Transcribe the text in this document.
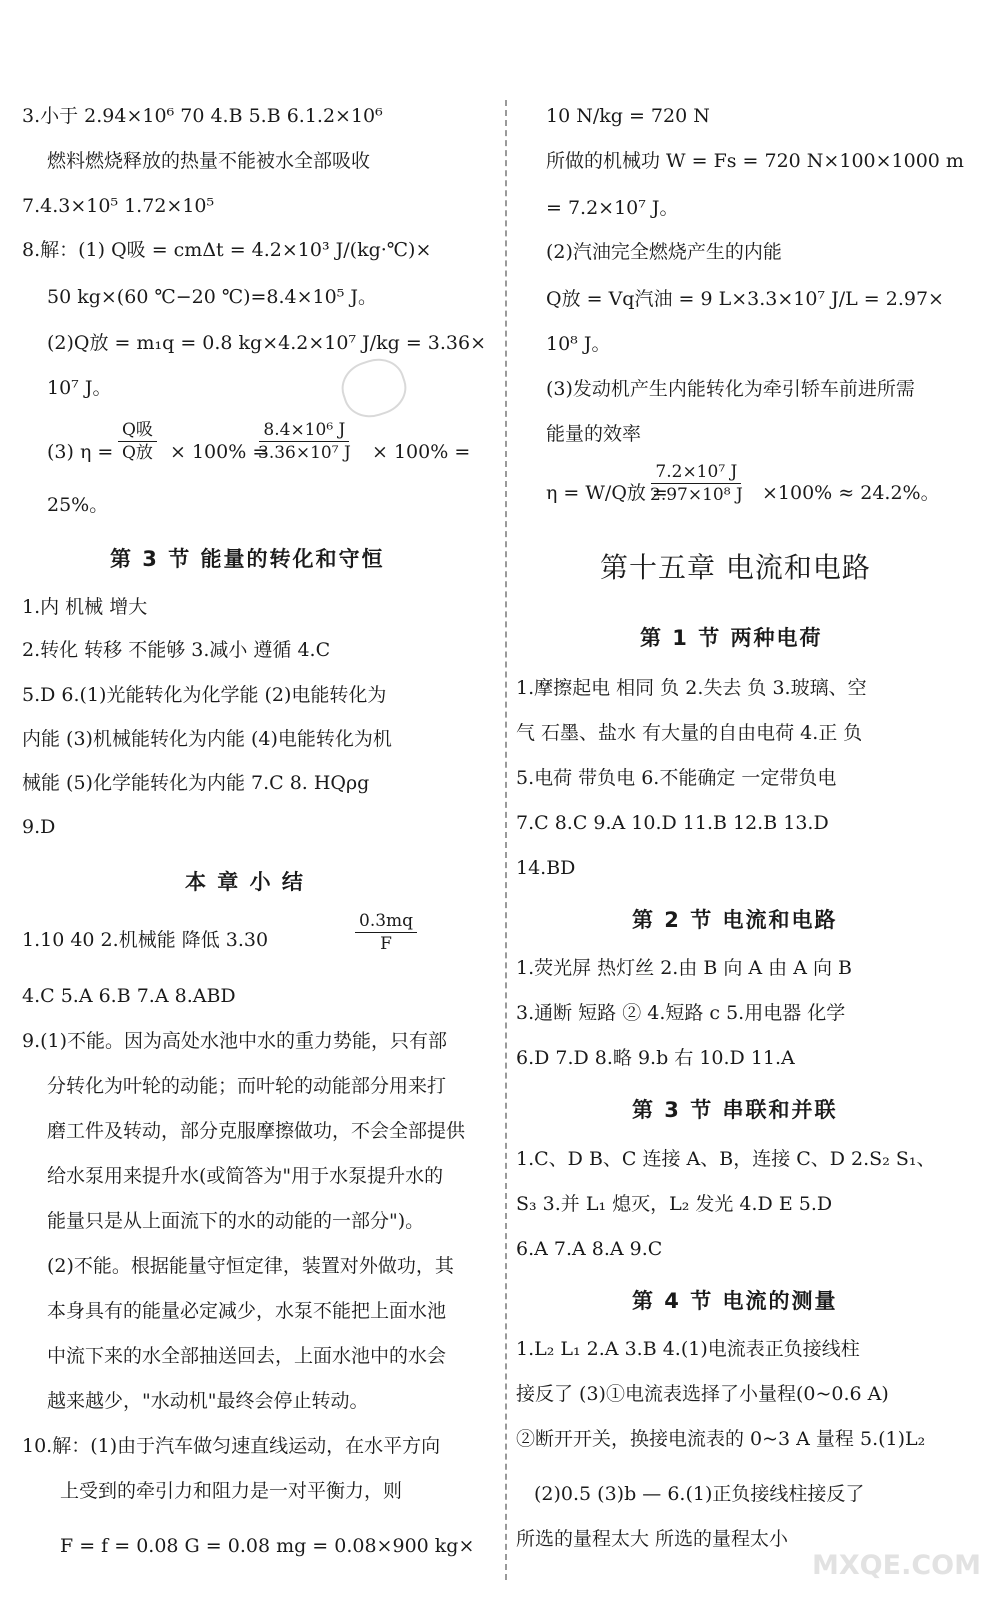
3.小于 2.94×10⁶ 70 4.B 5.B 6.1.2×10⁶
燃料燃烧释放的热量不能被水全部吸收
7.4.3×10⁵ 1.72×10⁵
8.解：(1) Q吸 = cmΔt = 4.2×10³ J/(kg·℃)×
50 kg×(60 ℃−20 ℃)=8.4×10⁵ J。
(2)Q放 = m₁q = 0.8 kg×4.2×10⁷ J/kg = 3.36×
10⁷ J。
(3) η =
Q吸
Q放 × 100% =
$\frac{\text{8.4×10⁶ J}}{\text{3.36×10⁷ J}} \times 100\%$ =
25%。
第 3 节 能量的转化和守恒
1.内 机械 增大
2.转化 转移 不能够 3.减小 遵循 4.C
5.D 6.(1)光能转化为化学能 (2)电能转化为
内能 (3)机械能转化为内能 (4)电能转化为机
械能 (5)化学能转化为内能 7.C 8. HQρg
9.D
本 章 小 结
1.10 40 2.机械能 降低 3.30	$\frac{0.3mq}{F}$
4.C 5.A 6.B 7.A 8.ABD
9.(1)不能。因为高处水池中水的重力势能，只有部
分转化为叶轮的动能；而叶轮的动能部分用来打
磨工件及转动，部分克服摩擦做功，不会全部提供
给水泵用来提升水(或简答为"用于水泵提升水的
能量只是从上面流下的水的动能的一部分")。
(2)不能。根据能量守恒定律，装置对外做功，其
本身具有的能量必定减少，水泵不能把上面水池
中流下来的水全部抽送回去，上面水池中的水会
越来越少，"水动机"最终会停止转动。
10.解：(1)由于汽车做匀速直线运动，在水平方向
上受到的牵引力和阻力是一对平衡力，则
F = f = 0.08 G = 0.08 mg = 0.08×900 kg×
10 N/kg = 720 N
所做的机械功 W = Fs = 720 N×100×1000 m
= 7.2×10⁷ J。
(2)汽油完全燃烧产生的内能
Q放 = Vq汽油 = 9 L×3.3×10⁷ J/L = 2.97×
10⁸ J。
(3)发动机产生内能转化为牵引轿车前进所需
能量的效率
η = W/Q放 =
$\frac{\text{7.2×10⁷ J}}{\text{2.97×10⁸ J}} \times 100\% \approx 24.2\%$。
第十五章 电流和电路
第 1 节 两种电荷
1.摩擦起电 相同 负 2.失去 负 3.玻璃、空
气 石墨、盐水 有大量的自由电荷 4.正 负
5.电荷 带负电 6.不能确定 一定带负电
7.C 8.C 9.A 10.D 11.B 12.B 13.D
14.BD
第 2 节 电流和电路
1.荧光屏 热灯丝 2.由 B 向 A 由 A 向 B
3.通断 短路 ② 4.短路 c 5.用电器 化学
6.D 7.D 8.略 9.b 右 10.D 11.A
第 3 节 串联和并联
1.C、D B、C 连接 A、B，连接 C、D 2.S₂ S₁、
S₃ 3.并 L₁ 熄灭，L₂ 发光 4.D E 5.D
6.A 7.A 8.A 9.C
第 4 节 电流的测量
1.L₂ L₁ 2.A 3.B 4.(1)电流表正负接线柱
接反了 (3)①电流表选择了小量程(0~0.6 A)
②断开开关，换接电流表的 0~3 A 量程 5.(1)L₂
(2)0.5 (3)b — 6.(1)正负接线柱接反了
所选的量程太大 所选的量程太小
MXQE.COM
